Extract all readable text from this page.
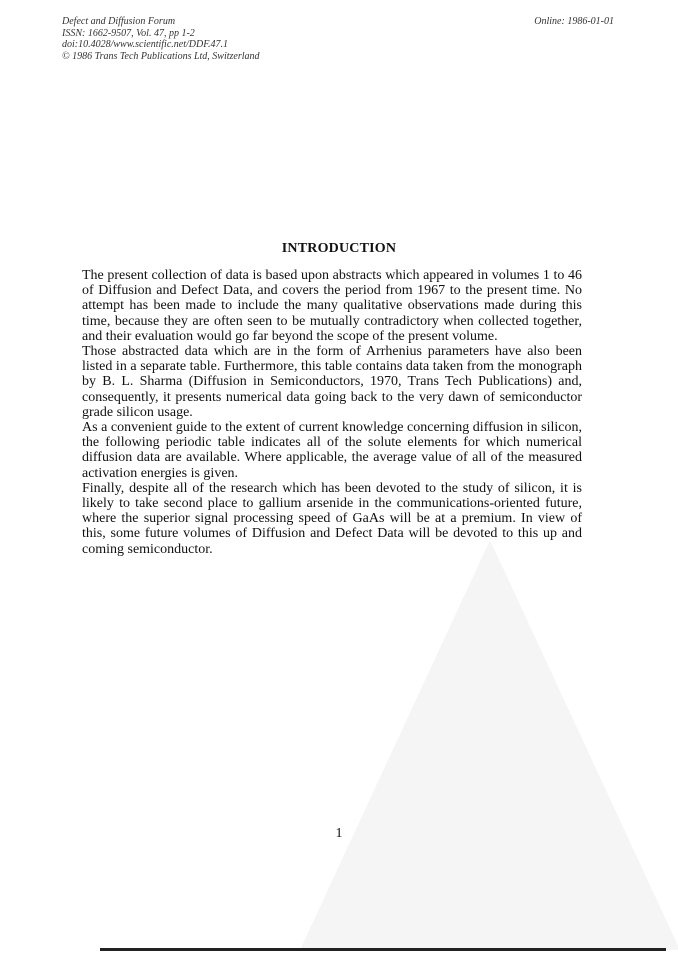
Defect and Diffusion Forum
ISSN: 1662-9507, Vol. 47, pp 1-2
doi:10.4028/www.scientific.net/DDF.47.1
© 1986 Trans Tech Publications Ltd, Switzerland
Online: 1986-01-01
INTRODUCTION

The present collection of data is based upon abstracts which appeared in volumes 1 to 46 of Diffusion and Defect Data, and covers the period from 1967 to the present time. No attempt has been made to include the many qualitative observations made during this time, because they are often seen to be mutually contradictory when collected together, and their evaluation would go far beyond the scope of the present volume.

Those abstracted data which are in the form of Arrhenius parameters have also been listed in a separate table. Furthermore, this table contains data taken from the monograph by B. L. Sharma (Diffusion in Semiconductors, 1970, Trans Tech Publications) and, consequently, it presents numerical data going back to the very dawn of semiconductor grade silicon usage.

As a convenient guide to the extent of current knowledge concerning diffusion in silicon, the following periodic table indicates all of the solute elements for which numerical diffusion data are available. Where applicable, the average value of all of the measured activation energies is given.

Finally, despite all of the research which has been devoted to the study of silicon, it is likely to take second place to gallium arsenide in the communications-oriented future, where the superior signal processing speed of GaAs will be at a premium. In view of this, some future volumes of Diffusion and Defect Data will be devoted to this up and coming semiconductor.

1
